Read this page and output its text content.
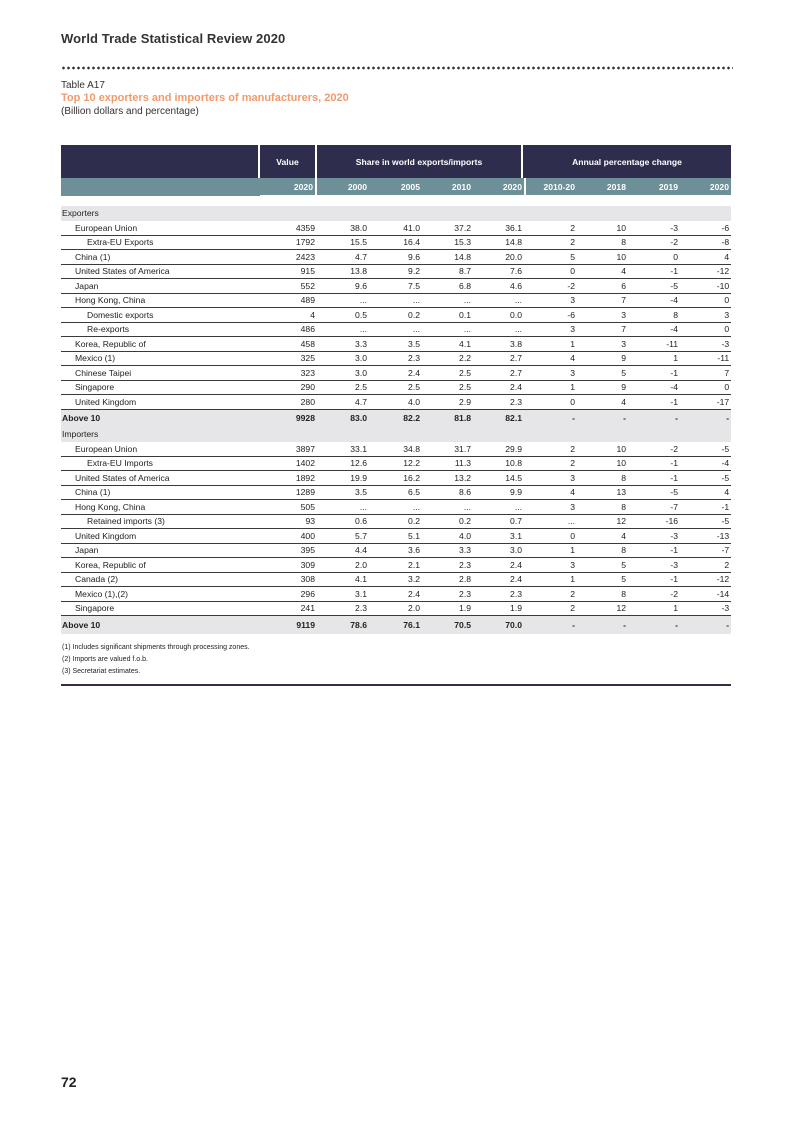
World Trade Statistical Review 2020
Table A17
Top 10 exporters and importers of manufacturers, 2020
(Billion dollars and percentage)
Value	Share in world exports/imports	Annual percentage change
2020	2000	2005	2010	2020	2010-20	2018	2019	2020
Exporters									
European Union	4359	38.0	41.0	37.2	36.1	2	10	-3	-6
Extra-EU Exports	1792	15.5	16.4	15.3	14.8	2	8	-2	-8
China (1)	2423	4.7	9.6	14.8	20.0	5	10	0	4
United States of America	915	13.8	9.2	8.7	7.6	0	4	-1	-12
Japan	552	9.6	7.5	6.8	4.6	-2	6	-5	-10
Hong Kong, China	489	...	...	...	...	3	7	-4	0
Domestic exports	4	0.5	0.2	0.1	0.0	-6	3	8	3
Re-exports	486	...	...	...	...	3	7	-4	0
Korea, Republic of	458	3.3	3.5	4.1	3.8	1	3	-11	-3
Mexico (1)	325	3.0	2.3	2.2	2.7	4	9	1	-11
Chinese Taipei	323	3.0	2.4	2.5	2.7	3	5	-1	7
Singapore	290	2.5	2.5	2.5	2.4	1	9	-4	0
United Kingdom	280	4.7	4.0	2.9	2.3	0	4	-1	-17
Above 10	9928	83.0	82.2	81.8	82.1	-	-	-	-
Importers									
European Union	3897	33.1	34.8	31.7	29.9	2	10	-2	-5
Extra-EU Imports	1402	12.6	12.2	11.3	10.8	2	10	-1	-4
United States of America	1892	19.9	16.2	13.2	14.5	3	8	-1	-5
China (1)	1289	3.5	6.5	8.6	9.9	4	13	-5	4
Hong Kong, China	505	...	...	...	...	3	8	-7	-1
Retained imports (3)	93	0.6	0.2	0.2	0.7	...	12	-16	-5
United Kingdom	400	5.7	5.1	4.0	3.1	0	4	-3	-13
Japan	395	4.4	3.6	3.3	3.0	1	8	-1	-7
Korea, Republic of	309	2.0	2.1	2.3	2.4	3	5	-3	2
Canada (2)	308	4.1	3.2	2.8	2.4	1	5	-1	-12
Mexico (1),(2)	296	3.1	2.4	2.3	2.3	2	8	-2	-14
Singapore	241	2.3	2.0	1.9	1.9	2	12	1	-3
Above 10	9119	78.6	76.1	70.5	70.0	-	-	-	-
(1) Includes significant shipments through processing zones.
(2) Imports are valued f.o.b.
(3) Secretariat estimates.
72
